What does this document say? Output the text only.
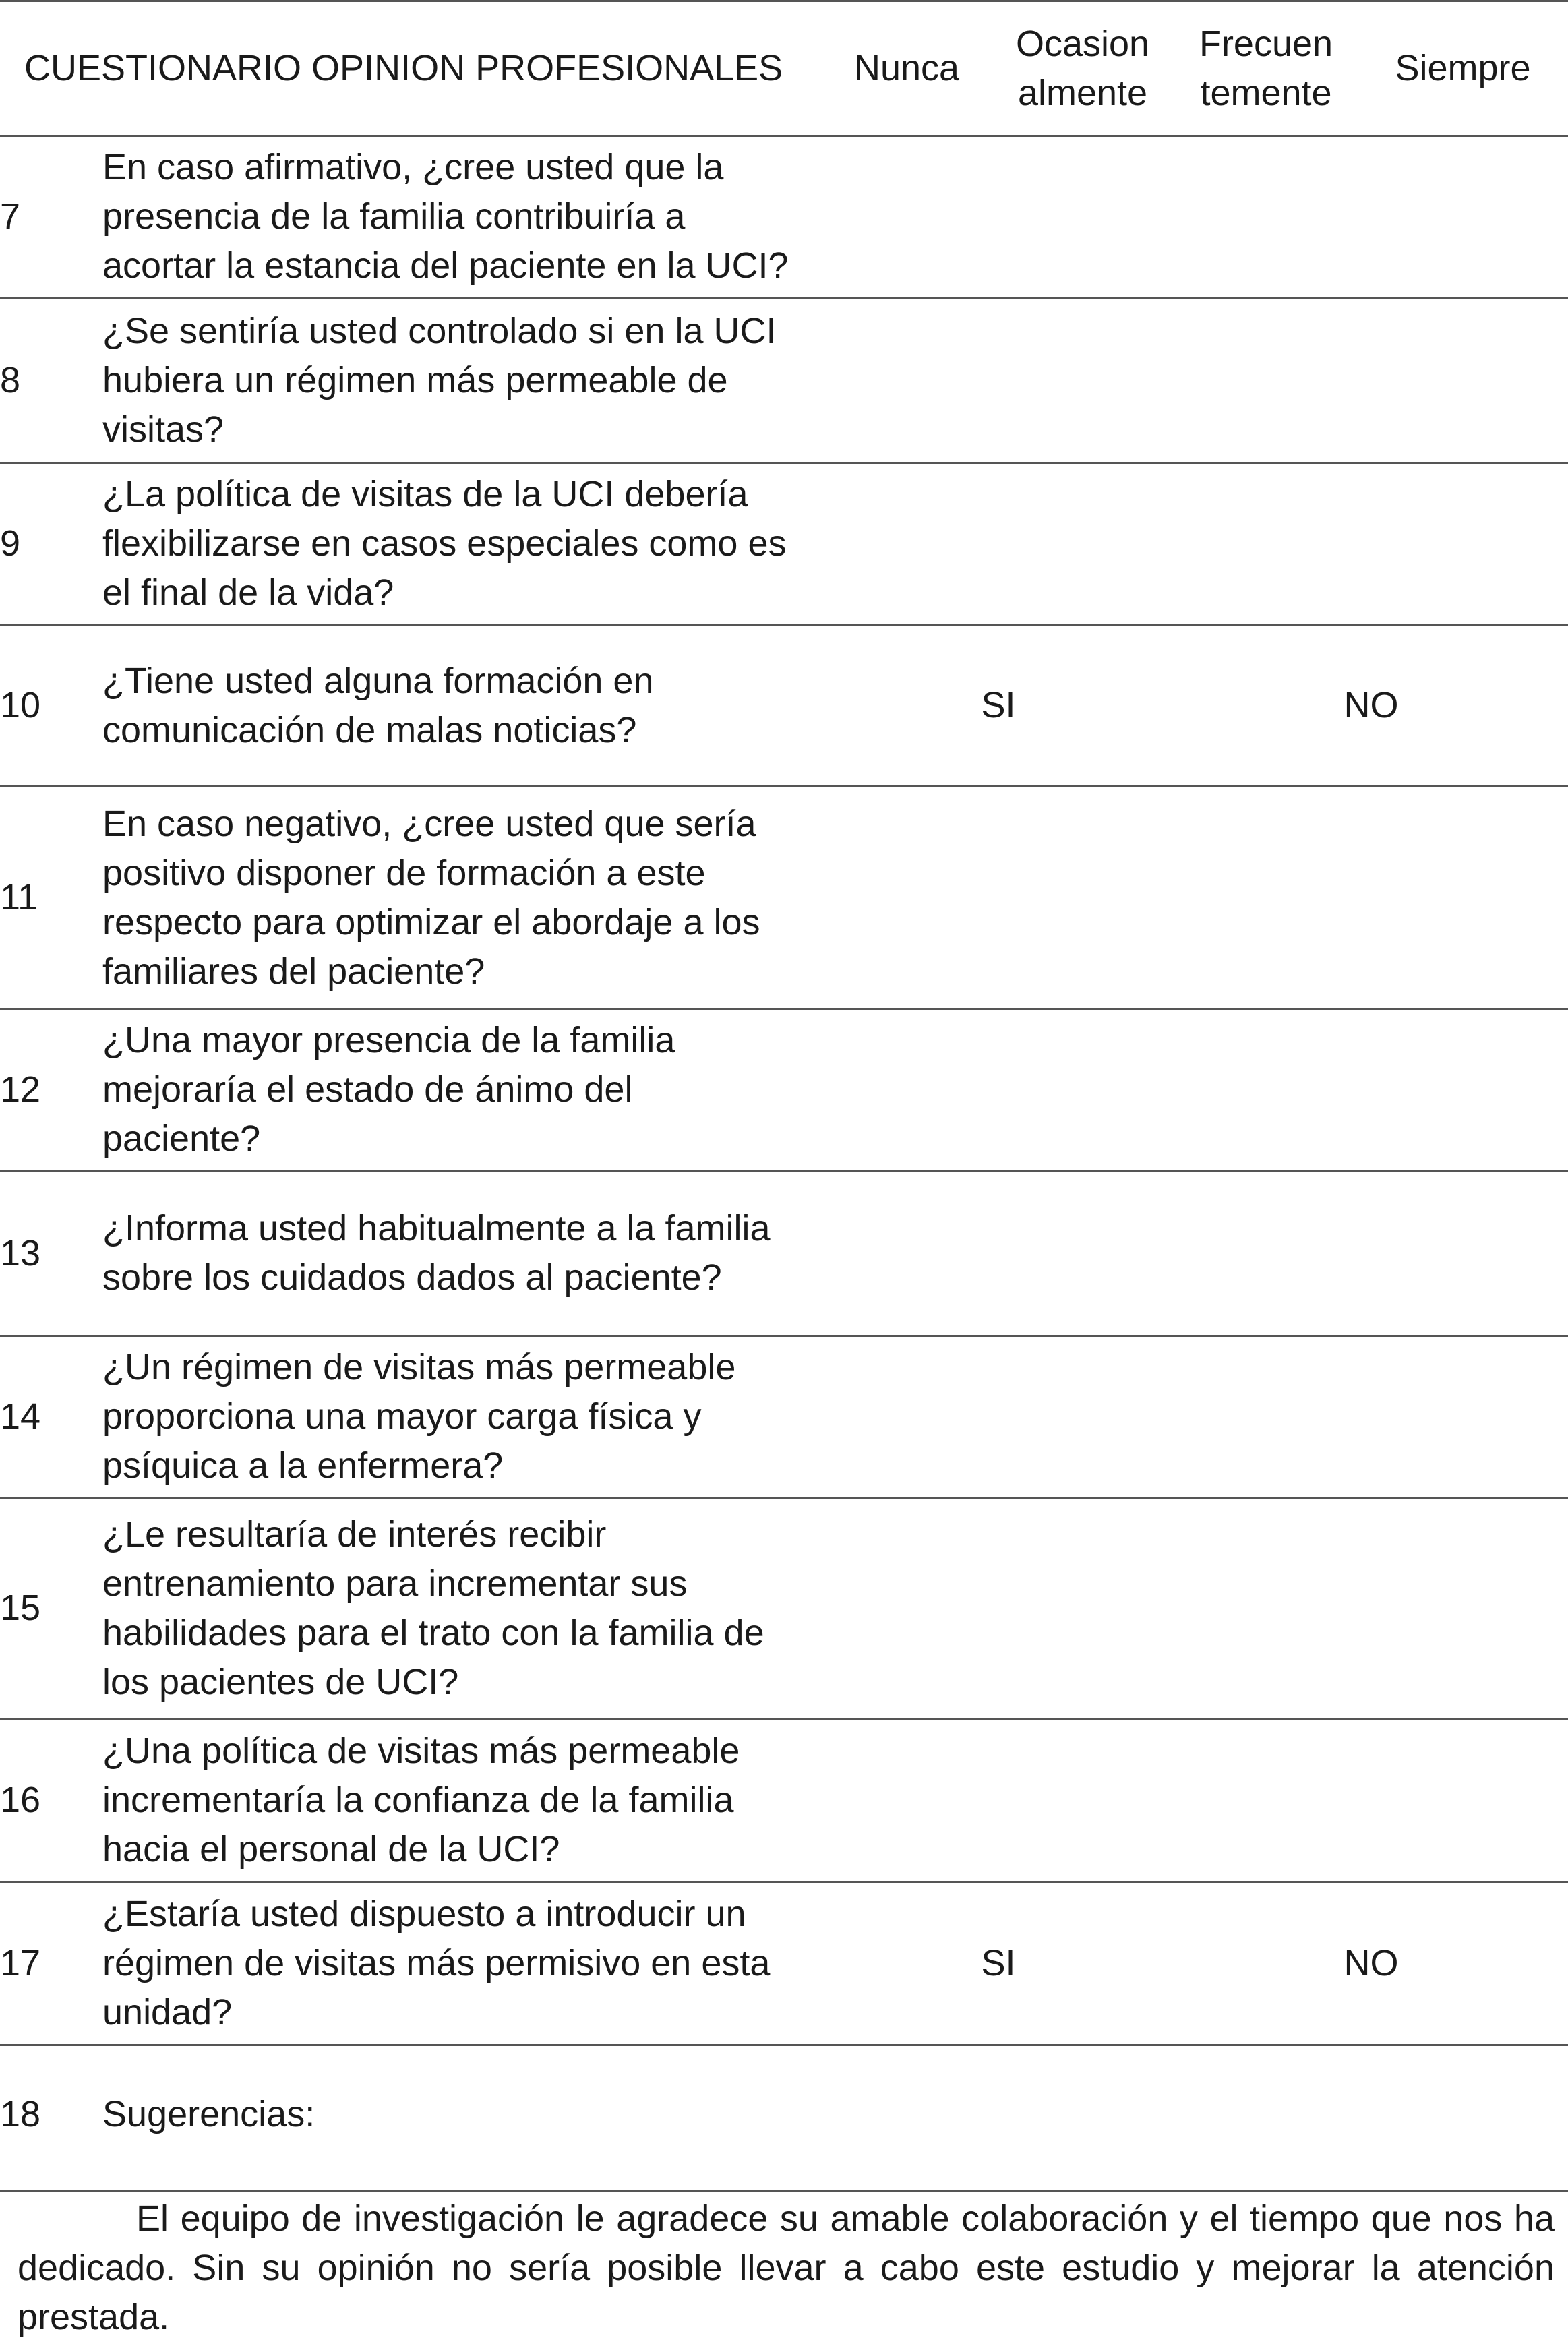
CUESTIONARIO OPINION PROFESIONALES		Nunca	Ocasion
almente	Frecuen
temente	Siempre
7	En caso afirmativo, ¿cree usted que la
presencia de la familia contribuiría a
acortar la estancia del paciente en la UCI?				
8	¿Se sentiría usted controlado si en la UCI
hubiera un régimen más permeable de
visitas?				
9	¿La política de visitas de la UCI debería
flexibilizarse en casos especiales como es
el final de la vida?				
10	¿Tiene usted alguna formación en
comunicación de malas noticias?	SI		NO	
11	En caso negativo, ¿cree usted que sería
positivo disponer de formación a este
respecto para optimizar el abordaje a los
familiares del paciente?				
12	¿Una mayor presencia de la familia
mejoraría el estado de ánimo del
paciente?				
13	¿Informa usted habitualmente a la familia
sobre los cuidados dados al paciente?				
14	¿Un régimen de visitas más permeable
proporciona una mayor carga física y
psíquica a la enfermera?				
15	¿Le resultaría de interés recibir
entrenamiento para incrementar sus
habilidades para el trato con la familia de
los pacientes de UCI?				
16	¿Una política de visitas más permeable
incrementaría la confianza de la familia
hacia el personal de la UCI?				
17	¿Estaría usted dispuesto a introducir un
régimen de visitas más permisivo en esta
unidad?	SI		NO	
18	Sugerencias:				
El equipo de investigación le agradece su amable colaboración y el tiempo que nos ha dedicado. Sin su opinión no sería posible llevar a cabo este estudio y mejorar la atención prestada.
